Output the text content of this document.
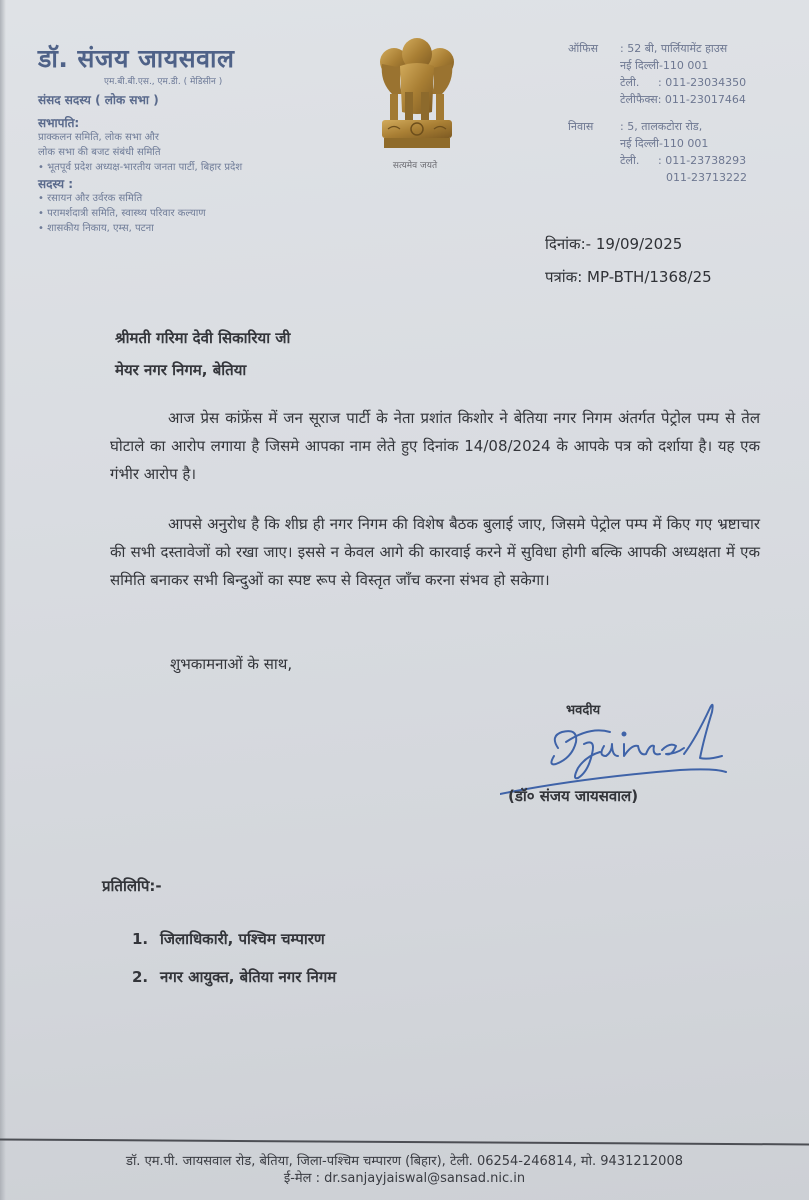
डॉ. संजय जायसवाल
एम.बी.बी.एस., एम.डी. ( मेडिसीन )
संसद सदस्य ( लोक सभा )
सभापति:
प्राक्कलन समिति, लोक सभा और
लोक सभा की बजट संबंधी समिति
• भूतपूर्व प्रदेश अध्यक्ष-भारतीय जनता पार्टी, बिहार प्रदेश
सदस्य :
• रसायन और उर्वरक समिति
• परामर्शदात्री समिति, स्वास्थ्य परिवार कल्याण
• शासकीय निकाय, एम्स, पटना
सत्यमेव जयते
ऑफिस	: 52 बी, पार्लियामेंट हाउस
नई दिल्ली-110 001
टेली.	: 011-23034350
टेलीफैक्स : 011-23017464
निवास	: 5, तालकटोरा रोड,
नई दिल्ली-110 001
टेली.	: 011-23738293
011-23713222
दिनांक:- 19/09/2025
पत्रांक: MP-BTH/1368/25
श्रीमती गरिमा देवी सिकारिया जी
मेयर नगर निगम, बेतिया

आज प्रेस कांफ्रेंस में जन सूराज पार्टी के नेता प्रशांत किशोर ने बेतिया नगर निगम अंतर्गत पेट्रोल पम्प से तेल घोटाले का आरोप लगाया है जिसमे आपका नाम लेते हुए दिनांक 14/08/2024 के आपके पत्र को दर्शाया है। यह एक गंभीर आरोप है।

आपसे अनुरोध है कि शीघ्र ही नगर निगम की विशेष बैठक बुलाई जाए, जिसमे पेट्रोल पम्प में किए गए भ्रष्टाचार की सभी दस्तावेजों को रखा जाए। इससे न केवल आगे की कारवाई करने में सुविधा होगी बल्कि आपकी अध्यक्षता में एक समिति बनाकर सभी बिन्दुओं का स्पष्ट रूप से विस्तृत जाँच करना संभव हो सकेगा।

शुभकामनाओं के साथ,
भवदीय
(डॉ० संजय जायसवाल)
प्रतिलिपि:-
1. जिलाधिकारी, पश्चिम चम्पारण
2. नगर आयुक्त, बेतिया नगर निगम
डॉ. एम.पी. जायसवाल रोड, बेतिया, जिला-पश्चिम चम्पारण (बिहार), टेली. 06254-246814, मो. 9431212008
ई-मेल : dr.sanjayjaiswal@sansad.nic.in
